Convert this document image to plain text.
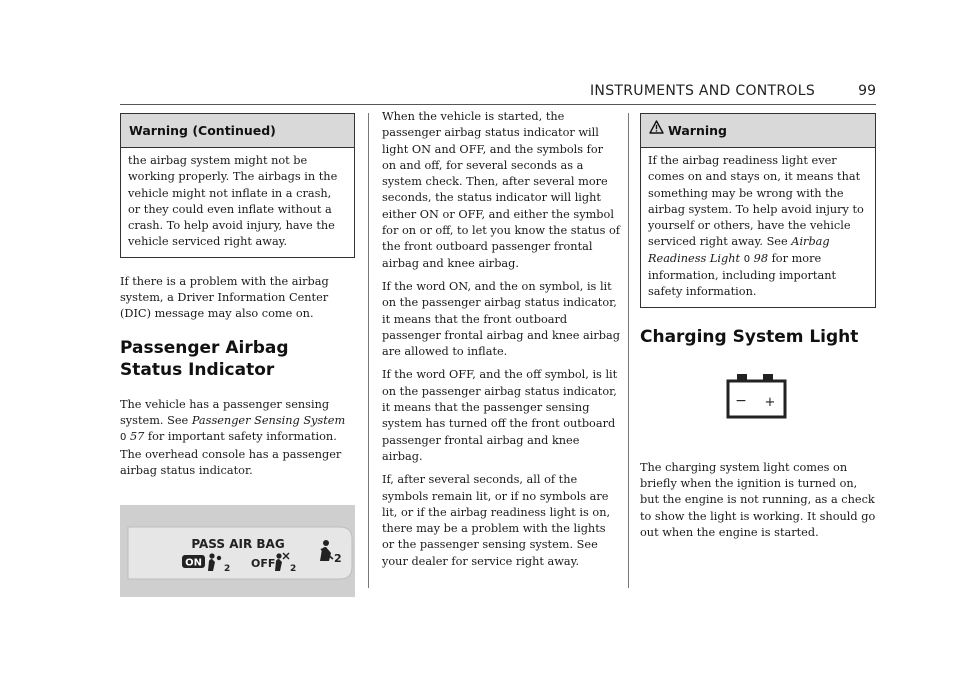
INSTRUMENTS AND CONTROLS	99
Warning (Continued)
the airbag system might not be working properly. The airbags in the vehicle might not inflate in a crash, or they could even inflate without a crash. To help avoid injury, have the vehicle serviced right away.

If there is a problem with the airbag system, a Driver Information Center (DIC) message may also come on.

Passenger Airbag Status Indicator

The vehicle has a passenger sensing system. See Passenger Sensing System
0 57 for important safety information. The overhead console has a passenger airbag status indicator.

PASS AIR BAG
ON
2 OFF 2
2

When the vehicle is started, the passenger airbag status indicator will light ON and OFF, and the symbols for on and off, for several seconds as a system check. Then, after several more seconds, the status indicator will light either ON or OFF, and either the symbol for on or off, to let you know the status of the front outboard passenger frontal airbag and knee airbag.

If the word ON, and the on symbol, is lit on the passenger airbag status indicator, it means that the front outboard passenger frontal airbag and knee airbag are allowed to inflate.

If the word OFF, and the off symbol, is lit on the passenger airbag status indicator, it means that the passenger sensing system has turned off the front outboard passenger frontal airbag and knee airbag.

If, after several seconds, all of the symbols remain lit, or if no symbols are lit, or if the airbag readiness light is on, there may be a problem with the lights or the passenger sensing system. See your dealer for service right away.

Warning
If the airbag readiness light ever comes on and stays on, it means that something may be wrong with the airbag system. To help avoid injury to yourself or others, have the vehicle serviced right away. See Airbag Readiness Light 0 98 for more information, including important safety information.
Charging System Light
− +

The charging system light comes on briefly when the ignition is turned on, but the engine is not running, as a check to show the light is working. It should go out when the engine is started.
